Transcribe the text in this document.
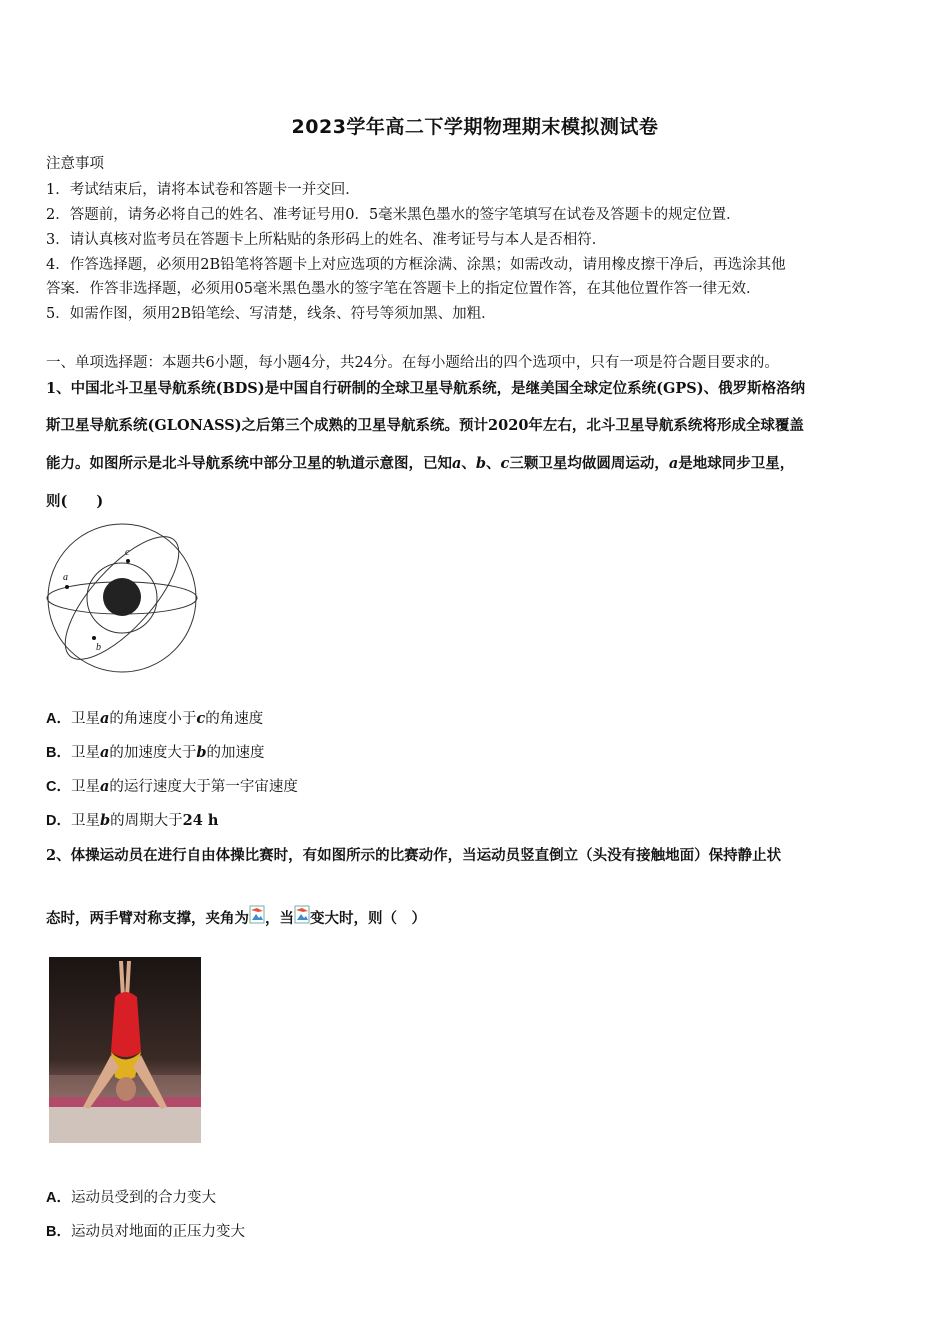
2023学年高二下学期物理期末模拟测试卷
注意事项
1．考试结束后，请将本试卷和答题卡一并交回．
2．答题前，请务必将自己的姓名、准考证号用0．5毫米黑色墨水的签字笔填写在试卷及答题卡的规定位置．
3．请认真核对监考员在答题卡上所粘贴的条形码上的姓名、准考证号与本人是否相符．
4．作答选择题，必须用2B铅笔将答题卡上对应选项的方框涂满、涂黑；如需改动，请用橡皮擦干净后，再选涂其他
答案．作答非选择题，必须用05毫米黑色墨水的签字笔在答题卡上的指定位置作答，在其他位置作答一律无效．
5．如需作图，须用2B铅笔绘、写清楚，线条、符号等须加黑、加粗．
一、单项选择题：本题共6小题，每小题4分，共24分。在每小题给出的四个选项中，只有一项是符合题目要求的。
1、中国北斗卫星导航系统(BDS)是中国自行研制的全球卫星导航系统，是继美国全球定位系统(GPS)、俄罗斯格洛纳
斯卫星导航系统(GLONASS)之后第三个成熟的卫星导航系统。预计2020年左右，北斗卫星导航系统将形成全球覆盖
能力。如图所示是北斗导航系统中部分卫星的轨道示意图，已知a、b、c三颗卫星均做圆周运动，a是地球同步卫星，
则(　　)
a
c
b
A．卫星a的角速度小于c的角速度
B．卫星a的加速度大于b的加速度
C．卫星a的运行速度大于第一宇宙速度
D．卫星b的周期大于24 h
2、体操运动员在进行自由体操比赛时，有如图所示的比赛动作，当运动员竖直倒立（头没有接触地面）保持静止状
态时，两手臂对称支撑，夹角为 ，当 变大时，则（　）
A．运动员受到的合力变大
B．运动员对地面的正压力变大
